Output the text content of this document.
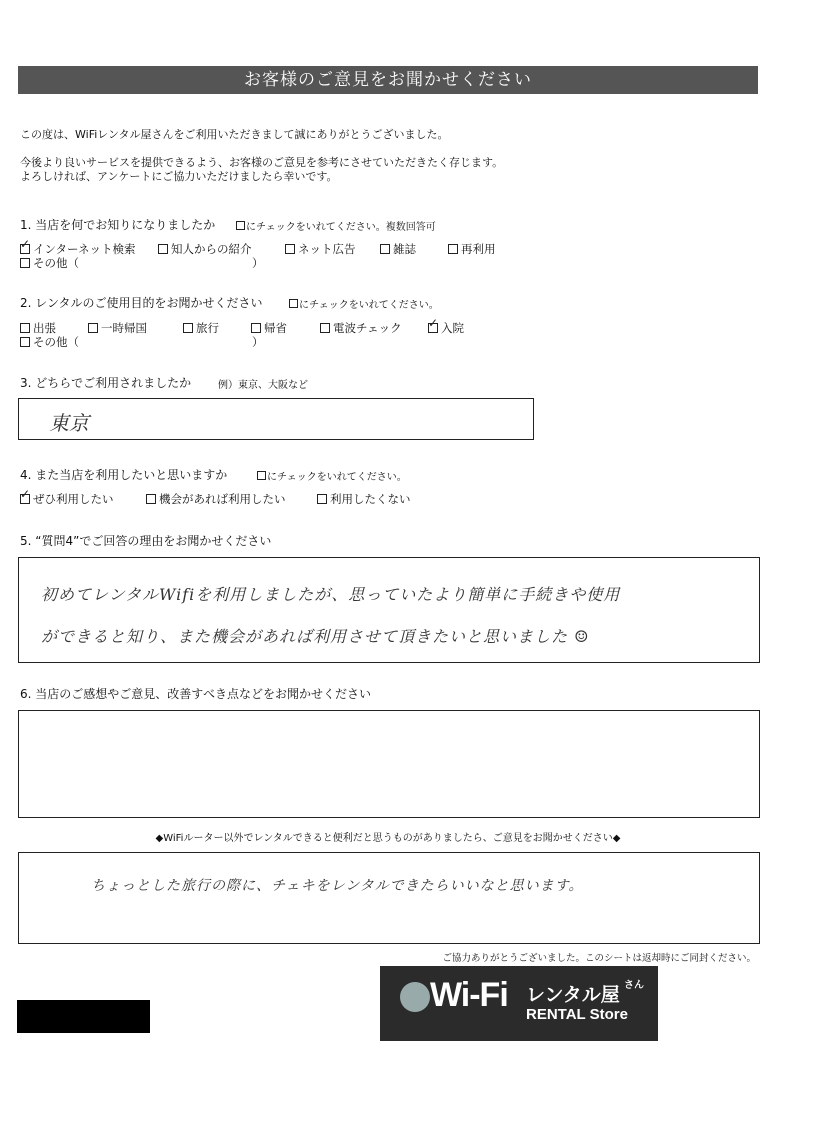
お客様のご意見をお聞かせください
この度は、WiFiレンタル屋さんをご利用いただきまして誠にありがとうございました。
今後より良いサービスを提供できるよう、お客様のご意見を参考にさせていただきたく存じます。
よろしければ、アンケートにご協力いただけましたら幸いです。
1. 当店を何でお知りになりましたか	にチェックをいれてください。複数回答可
✓インターネット検索	知人からの紹介	ネット広告	雑誌	再利用
その他（	）
2. レンタルのご使用目的をお聞かせください	にチェックをいれてください。
出張	一時帰国	旅行	帰省	電波チェック
✓	入院
その他（	）
3. どちらでご利用されましたか	例）東京、大阪など
東京
4. また当店を利用したいと思いますか	にチェックをいれてください。
✓ぜひ利用したい	機会があれば利用したい	利用したくない
5. “質問4”でご回答の理由をお聞かせください
初めてレンタルWifiを利用しましたが、思っていたより簡単に手続きや使用
ができると知り、また機会があれば利用させて頂きたいと思いました ☺
6. 当店のご感想やご意見、改善すべき点などをお聞かせください
◆WiFiルーター以外でレンタルできると便利だと思うものがありましたら、ご意見をお聞かせください◆
ちょっとした旅行の際に、チェキをレンタルできたらいいなと思います。
ご協力ありがとうございました。このシートは返却時にご同封ください。
Wi-Fi レンタル屋 さん
RENTAL Store
